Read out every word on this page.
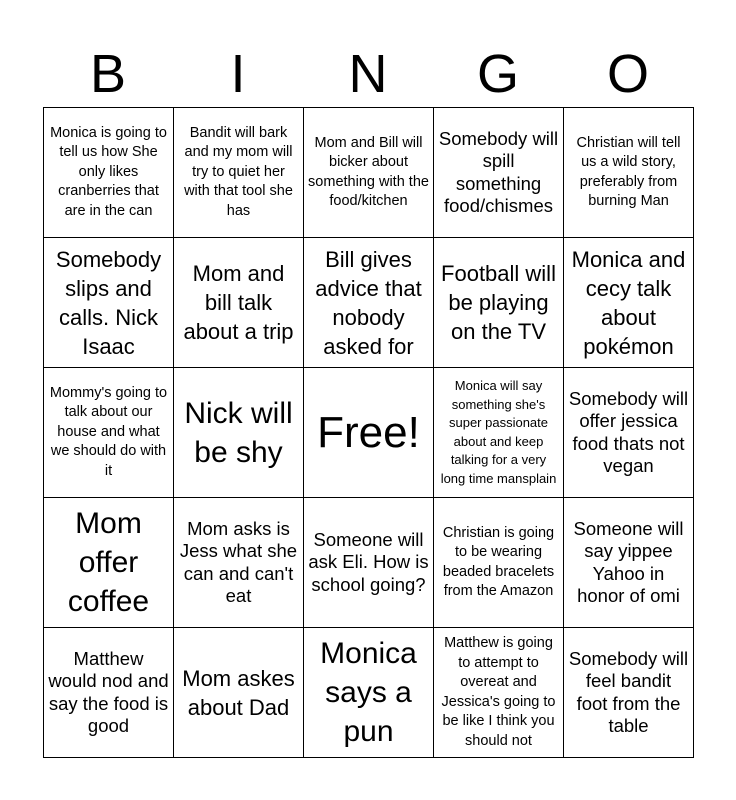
B	I	N	G	O
Monica is going to tell us how She only likes cranberries that are in the can	Bandit will bark and my mom will try to quiet her with that tool she has	Mom and Bill will bicker about something with the food/kitchen	Somebody will spill something food/chismes	Christian will tell us a wild story, preferably from burning Man

Somebody slips and calls. Nick Isaac	Mom and bill talk about a trip	Bill gives advice that nobody asked for	Football will be playing on the TV	Monica and cecy talk about pokémon

Mommy's going to talk about our house and what we should do with it	Nick will be shy	Free!	Monica will say something she's super passionate about and keep talking for a very long time mansplain	Somebody will offer jessica food thats not vegan

Mom offer coffee	Mom asks is Jess what she can and can't eat	Someone will ask Eli. How is school going?	Christian is going to be wearing beaded bracelets from the Amazon	Someone will say yippee Yahoo in honor of omi

Matthew would nod and say the food is good	Mom askes about Dad	Monica says a pun	Matthew is going to attempt to overeat and Jessica's going to be like I think you should not	Somebody will feel bandit foot from the table
